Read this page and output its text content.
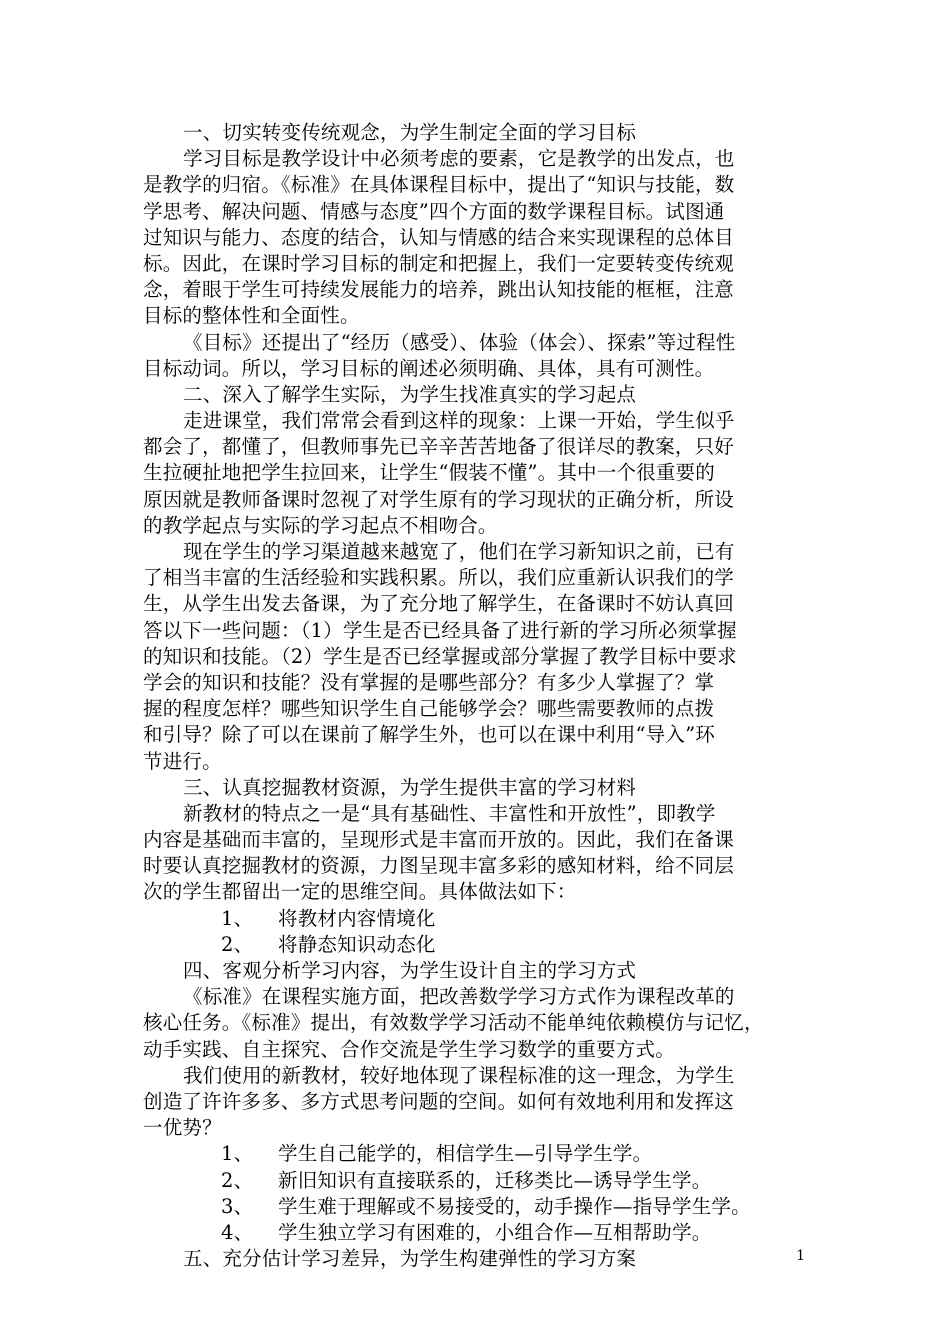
一、切实转变传统观念，为学生制定全面的学习目标
学习目标是教学设计中必须考虑的要素，它是教学的出发点，也
是教学的归宿。《标准》在具体课程目标中，提出了“知识与技能，数
学思考、解决问题、情感与态度”四个方面的数学课程目标。试图通
过知识与能力、态度的结合，认知与情感的结合来实现课程的总体目
标。因此，在课时学习目标的制定和把握上，我们一定要转变传统观
念，着眼于学生可持续发展能力的培养，跳出认知技能的框框，注意
目标的整体性和全面性。
《目标》还提出了“经历（感受）、体验（体会）、探索”等过程性
目标动词。所以，学习目标的阐述必须明确、具体，具有可测性。
二、深入了解学生实际，为学生找准真实的学习起点
走进课堂，我们常常会看到这样的现象：上课一开始，学生似乎
都会了，都懂了，但教师事先已辛辛苦苦地备了很详尽的教案，只好
生拉硬扯地把学生拉回来，让学生“假装不懂”。其中一个很重要的
原因就是教师备课时忽视了对学生原有的学习现状的正确分析，所设
的教学起点与实际的学习起点不相吻合。
现在学生的学习渠道越来越宽了，他们在学习新知识之前，已有
了相当丰富的生活经验和实践积累。所以，我们应重新认识我们的学
生，从学生出发去备课，为了充分地了解学生，在备课时不妨认真回
答以下一些问题：（1）学生是否已经具备了进行新的学习所必须掌握
的知识和技能。（2）学生是否已经掌握或部分掌握了教学目标中要求
学会的知识和技能？没有掌握的是哪些部分？有多少人掌握了？掌
握的程度怎样？哪些知识学生自己能够学会？哪些需要教师的点拨
和引导？除了可以在课前了解学生外，也可以在课中利用“导入”环
节进行。
三、认真挖掘教材资源，为学生提供丰富的学习材料
新教材的特点之一是“具有基础性、丰富性和开放性”，即教学
内容是基础而丰富的，呈现形式是丰富而开放的。因此，我们在备课
时要认真挖掘教材的资源，力图呈现丰富多彩的感知材料，给不同层
次的学生都留出一定的思维空间。具体做法如下：
1、 将教材内容情境化
2、 将静态知识动态化
四、客观分析学习内容，为学生设计自主的学习方式
《标准》在课程实施方面，把改善数学学习方式作为课程改革的
核心任务。《标准》提出，有效数学学习活动不能单纯依赖模仿与记忆，
动手实践、自主探究、合作交流是学生学习数学的重要方式。
我们使用的新教材，较好地体现了课程标准的这一理念，为学生
创造了许许多多、多方式思考问题的空间。如何有效地利用和发挥这
一优势？
1、 学生自己能学的，相信学生—引导学生学。
2、 新旧知识有直接联系的，迁移类比—诱导学生学。
3、 学生难于理解或不易接受的，动手操作—指导学生学。
4、 学生独立学习有困难的，小组合作—互相帮助学。
五、充分估计学习差异，为学生构建弹性的学习方案	1
